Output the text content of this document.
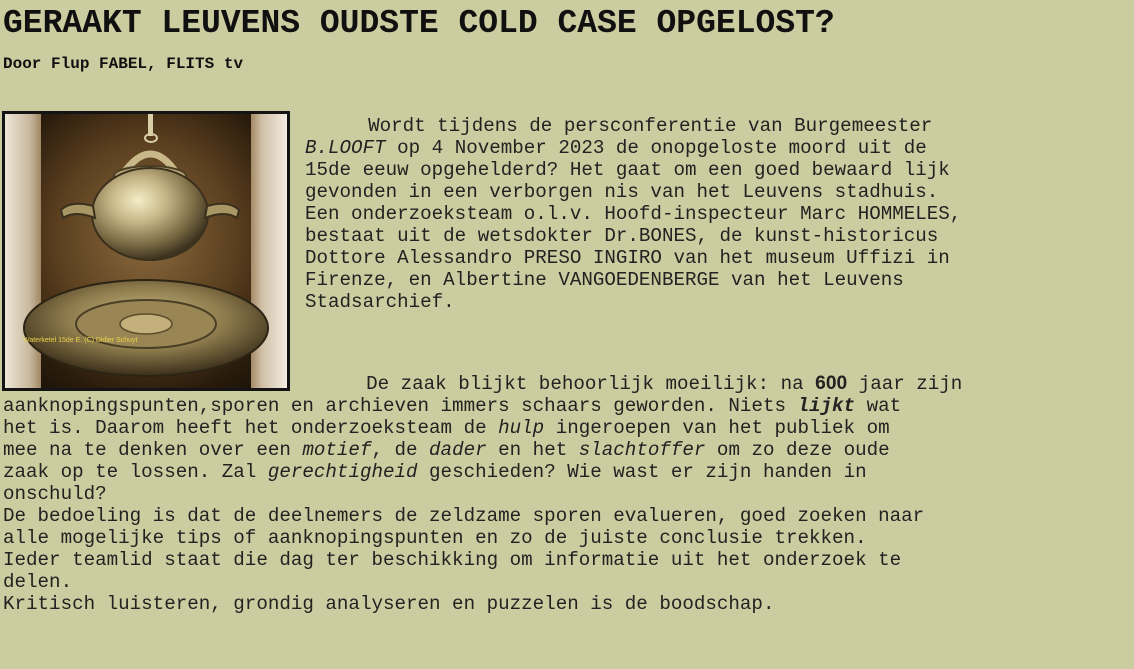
GERAAKT LEUVENS OUDSTE COLD CASE OPGELOST?

Door Flup FABEL, FLITS tv

Waterketel 15de E. (C) Didier Schuyt

Wordt tijdens de persconferentie van Burgemeester

B.LOOFT op 4 November 2023 de onopgeloste moord uit de

15de eeuw opgehelderd? Het gaat om een goed bewaard lijk

gevonden in een verborgen nis van het Leuvens stadhuis.

Een onderzoeksteam o.l.v. Hoofd-inspecteur Marc HOMMELES,

bestaat uit de wetsdokter Dr.BONES, de kunst-historicus

Dottore Alessandro PRESO INGIRO van het museum Uffizi in

Firenze, en Albertine VANGOEDENBERGE van het Leuvens

Stadsarchief.

De zaak blijkt behoorlijk moeilijk: na 600 jaar zijn

aanknopingspunten,sporen en archieven immers schaars geworden. Niets lijkt wat

het is. Daarom heeft het onderzoeksteam de hulp ingeroepen van het publiek om

mee na te denken over een motief, de dader en het slachtoffer om zo deze oude

zaak op te lossen. Zal gerechtigheid geschieden? Wie wast er zijn handen in

onschuld?

De bedoeling is dat de deelnemers de zeldzame sporen evalueren, goed zoeken naar

alle mogelijke tips of aanknopingspunten en zo de juiste conclusie trekken.

Ieder teamlid staat die dag ter beschikking om informatie uit het onderzoek te

delen.

Kritisch luisteren, grondig analyseren en puzzelen is de boodschap.
